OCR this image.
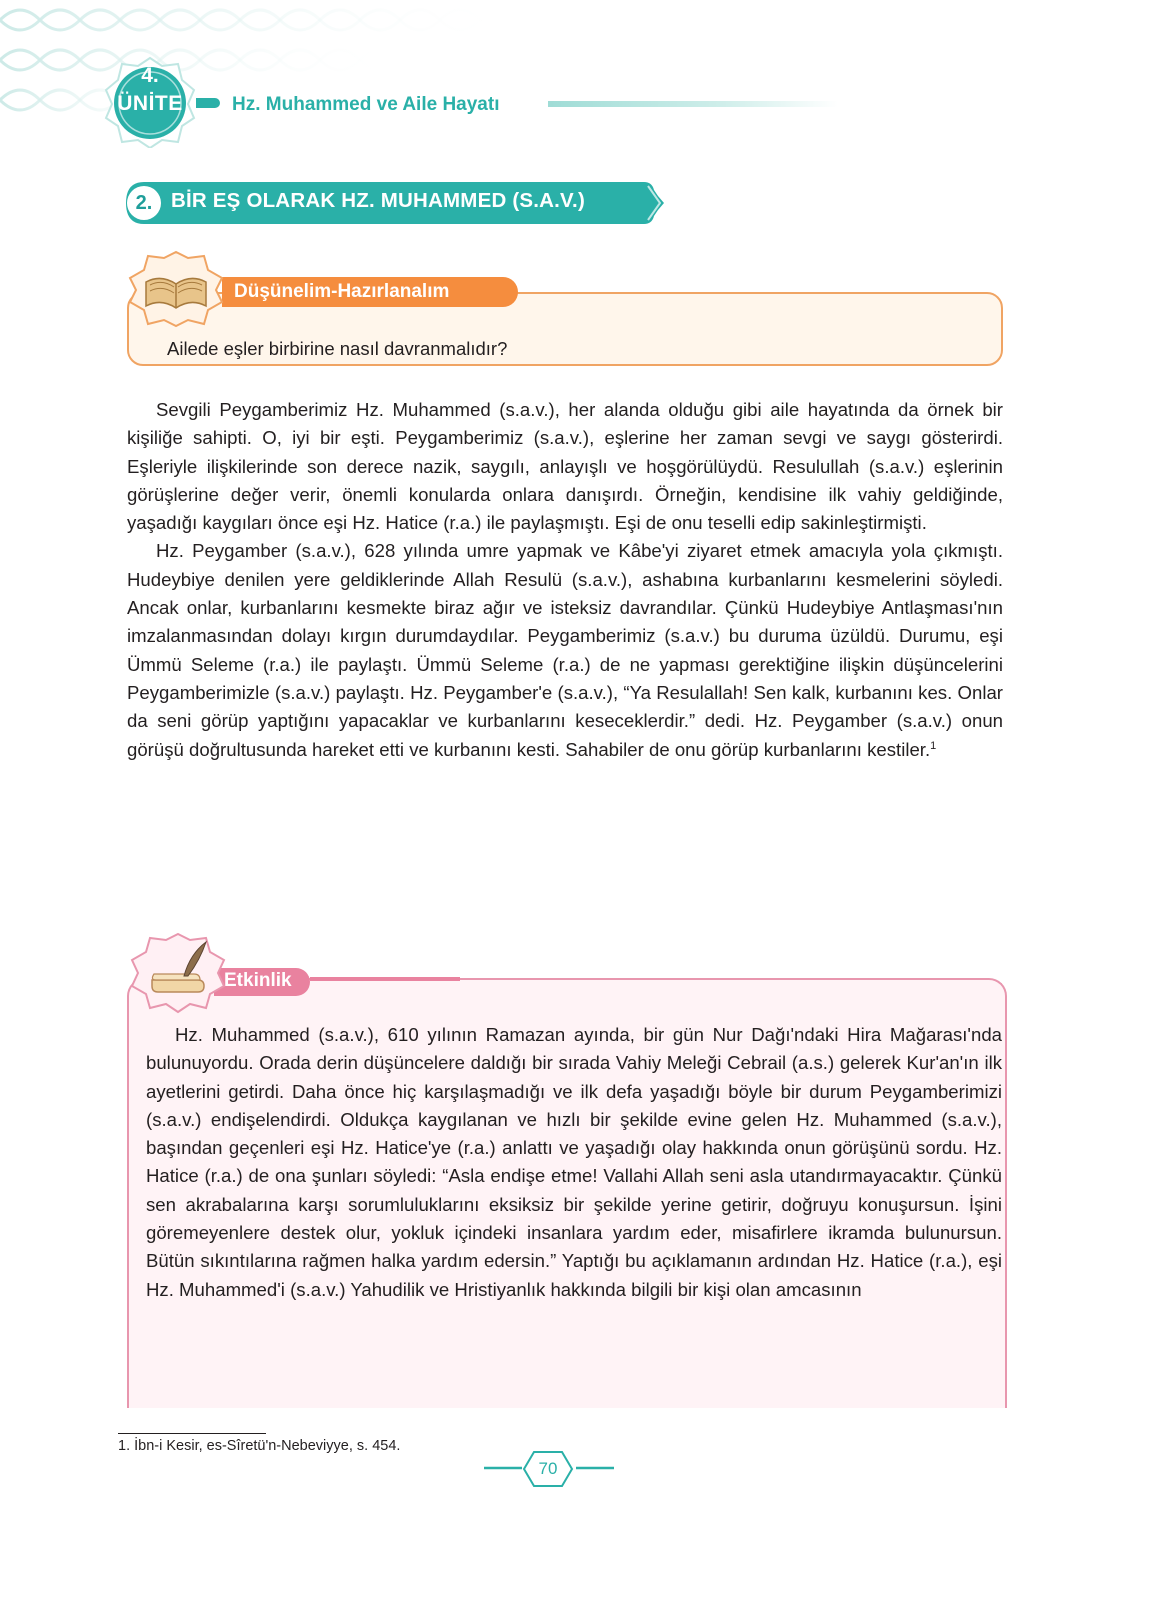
4.
ÜNİTE	Hz. Muhammed ve Aile Hayatı
2. BİR EŞ OLARAK HZ. MUHAMMED (S.A.V.)
Düşünelim-Hazırlanalım
Ailede eşler birbirine nasıl davranmalıdır?

Sevgili Peygamberimiz Hz. Muhammed (s.a.v.), her alanda olduğu gibi aile hayatında da örnek bir kişiliğe sahipti. O, iyi bir eşti. Peygamberimiz (s.a.v.), eşlerine her zaman sevgi ve saygı gösterirdi. Eşleriyle ilişkilerinde son derece nazik, saygılı, anlayışlı ve hoşgörülüydü. Resulullah (s.a.v.) eşlerinin görüşlerine değer verir, önemli konularda onlara danışırdı. Örneğin, kendisine ilk vahiy geldiğinde, yaşadığı kaygıları önce eşi Hz. Hatice (r.a.) ile paylaşmıştı. Eşi de onu teselli edip sakinleştirmişti.

Hz. Peygamber (s.a.v.), 628 yılında umre yapmak ve Kâbe'yi ziyaret etmek amacıyla yola çıkmıştı. Hudeybiye denilen yere geldiklerinde Allah Resulü (s.a.v.), ashabına kurbanlarını kesmelerini söyledi. Ancak onlar, kurbanlarını kesmekte biraz ağır ve isteksiz davrandılar. Çünkü Hudeybiye Antlaşması'nın imzalanmasından dolayı kırgın durumdaydılar. Peygamberimiz (s.a.v.) bu duruma üzüldü. Durumu, eşi Ümmü Seleme (r.a.) ile paylaştı. Ümmü Seleme (r.a.) de ne yapması gerektiğine ilişkin düşüncelerini Peygamberimizle (s.a.v.) paylaştı. Hz. Peygamber'e (s.a.v.), “Ya Resulallah! Sen kalk, kurbanını kes. Onlar da seni görüp yaptığını yapacaklar ve kurbanlarını keseceklerdir.” dedi. Hz. Peygamber (s.a.v.) onun görüşü doğrultusunda hareket etti ve kurbanını kesti. Sahabiler de onu görüp kurbanlarını kestiler.$^1$

Etkinlik

Hz. Muhammed (s.a.v.), 610 yılının Ramazan ayında, bir gün Nur Dağı'ndaki Hira Mağarası'nda bulunuyordu. Orada derin düşüncelere daldığı bir sırada Vahiy Meleği Cebrail (a.s.) gelerek Kur'an'ın ilk ayetlerini getirdi. Daha önce hiç karşılaşmadığı ve ilk defa yaşadığı böyle bir durum Peygamberimizi (s.a.v.) endişelendirdi. Oldukça kaygılanan ve hızlı bir şekilde evine gelen Hz. Muhammed (s.a.v.), başından geçenleri eşi Hz. Hatice'ye (r.a.) anlattı ve yaşadığı olay hakkında onun görüşünü sordu. Hz. Hatice (r.a.) de ona şunları söyledi: “Asla endişe etme! Vallahi Allah seni asla utandırmayacaktır. Çünkü sen akrabalarına karşı sorumluluklarını eksiksiz bir şekilde yerine getirir, doğruyu konuşursun. İşini göremeyenlere destek olur, yokluk içindeki insanlara yardım eder, misafirlere ikramda bulunursun. Bütün sıkıntılarına rağmen halka yardım edersin.” Yaptığı bu açıklamanın ardından Hz. Hatice (r.a.), eşi Hz. Muhammed'i (s.a.v.) Yahudilik ve Hristiyanlık hakkında bilgili bir kişi olan amcasının

1. İbn-i Kesir, es-Sîretü'n-Nebeviyye, s. 454.
70
